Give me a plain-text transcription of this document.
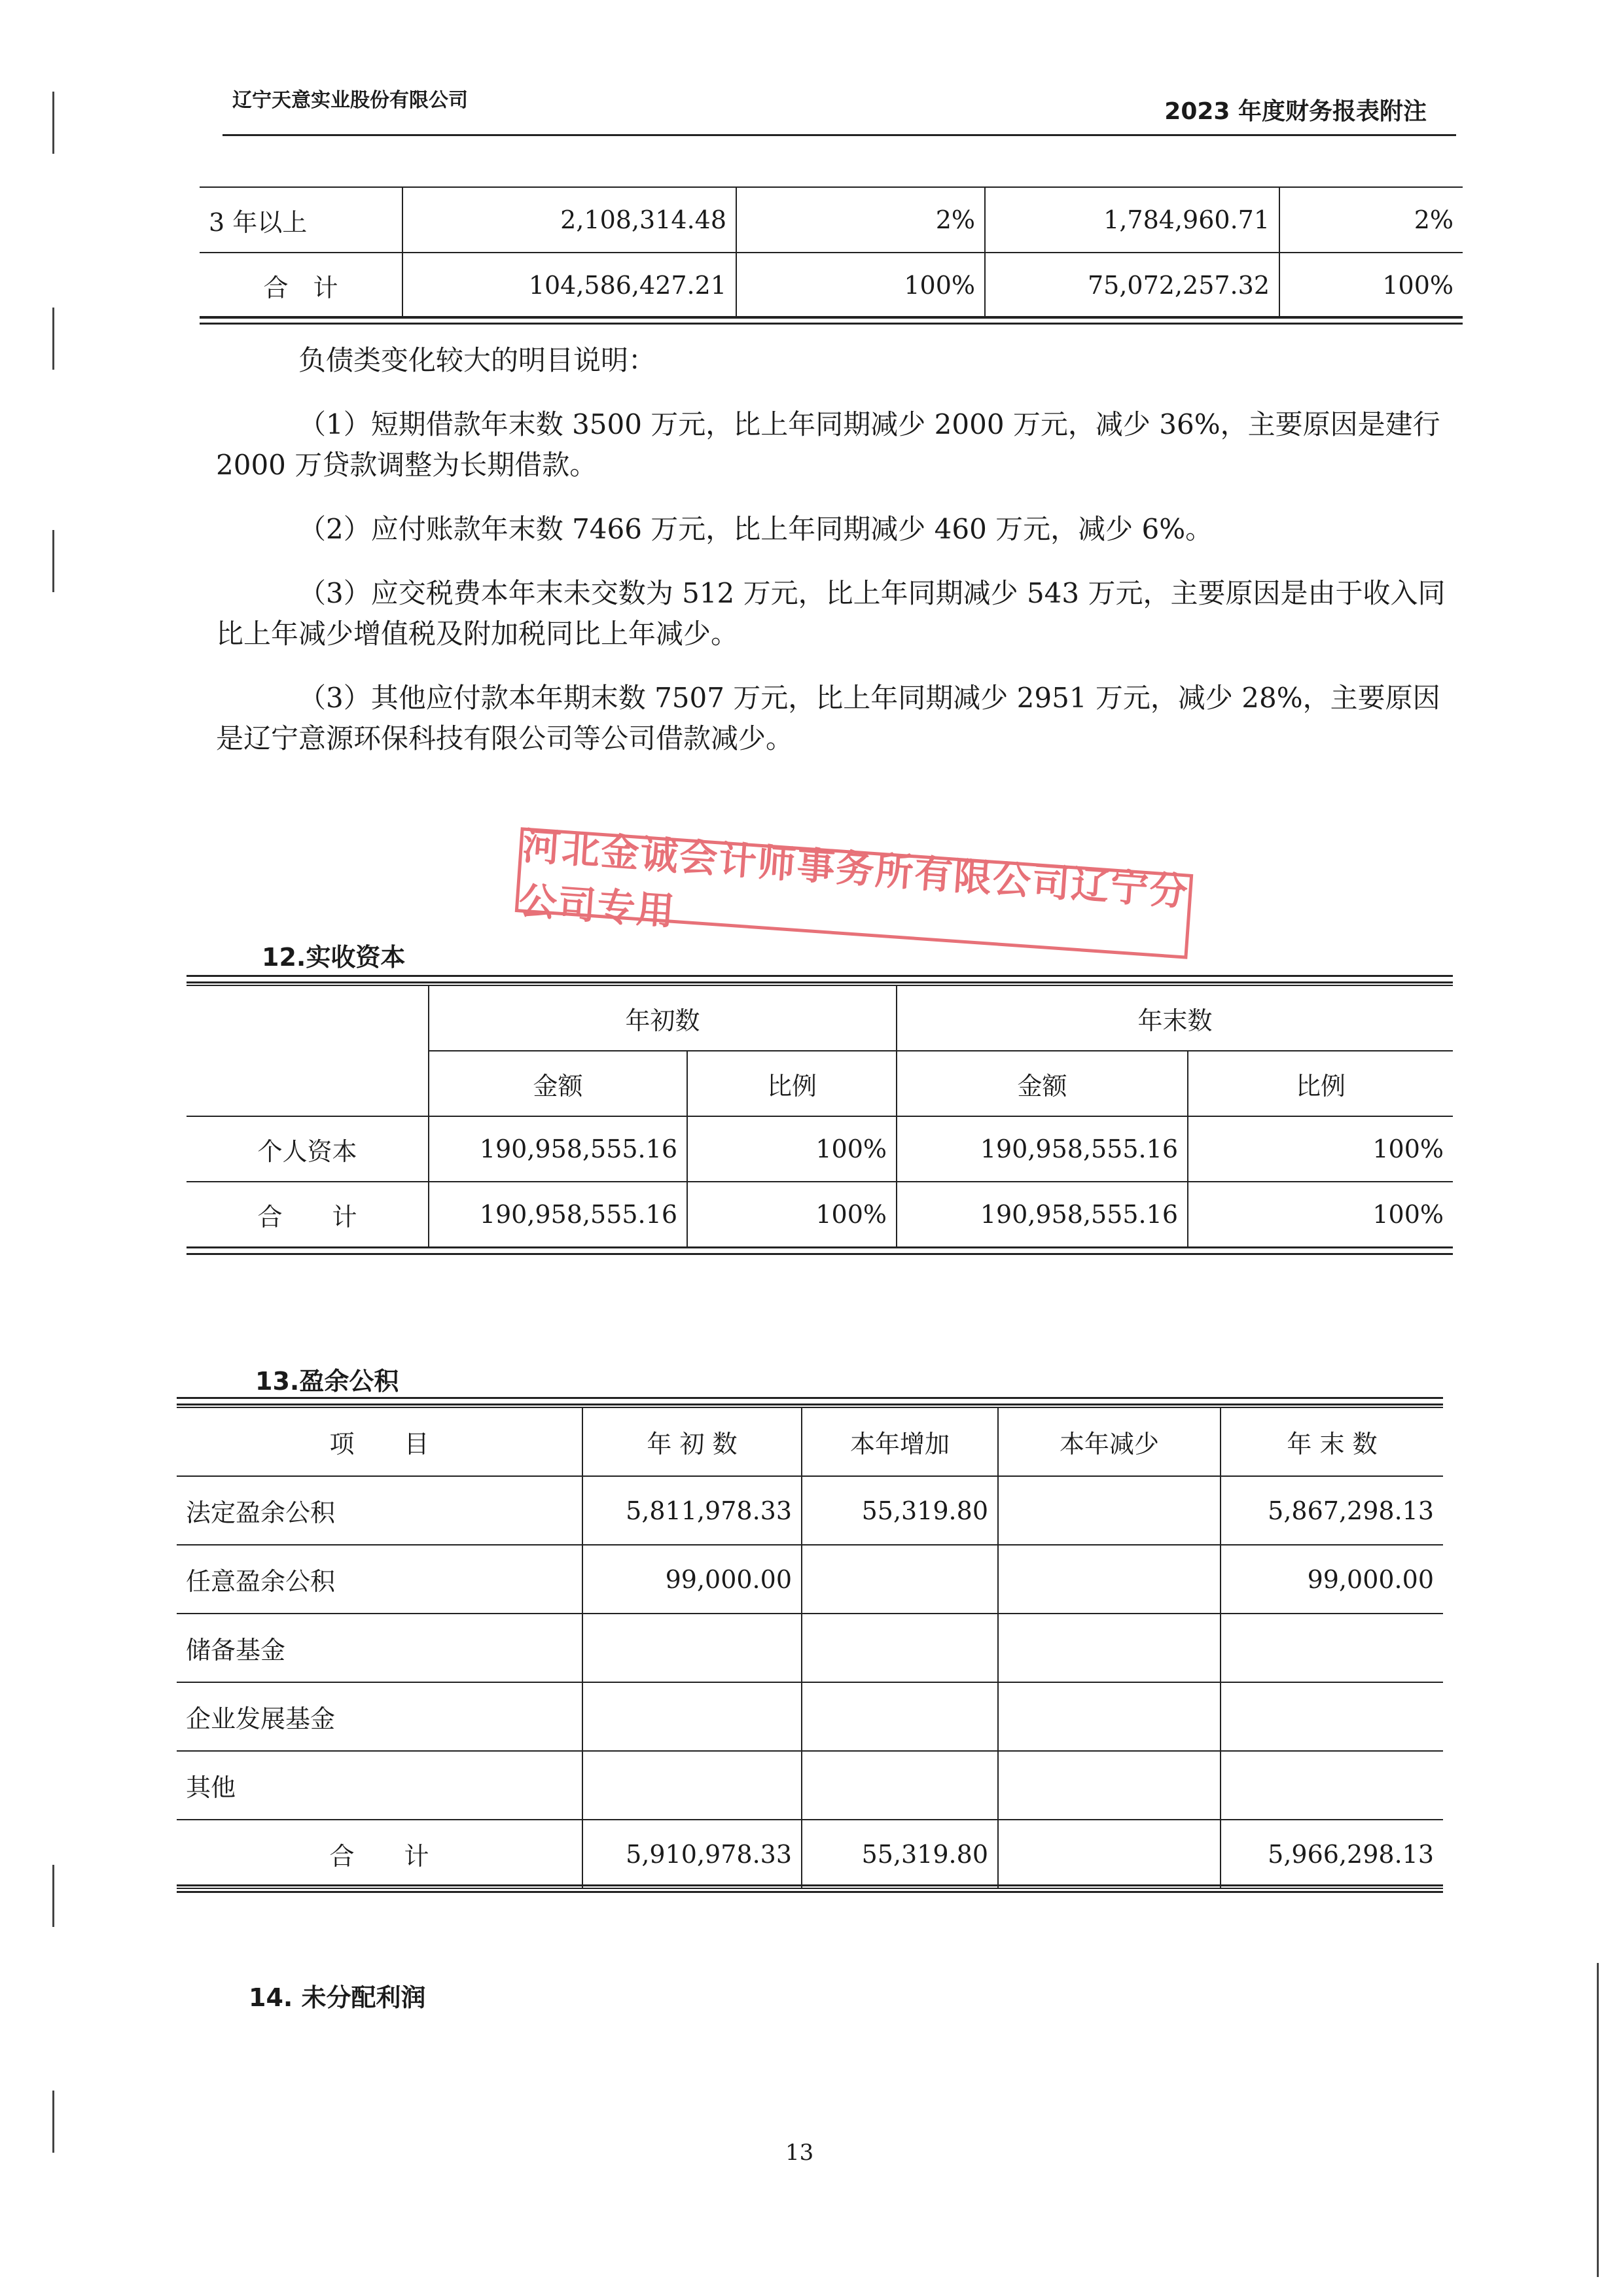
辽宁天意实业股份有限公司	2023 年度财务报表附注
3 年以上	2,108,314.48	2%	1,784,960.71	2%
合　计	104,586,427.21	100%	75,072,257.32	100%

负债类变化较大的明目说明：

（1）短期借款年末数 3500 万元，比上年同期减少 2000 万元，减少 36%，主要原因是建行 2000 万贷款调整为长期借款。

（2）应付账款年末数 7466 万元，比上年同期减少 460 万元，减少 6%。

（3）应交税费本年末未交数为 512 万元，比上年同期减少 543 万元，主要原因是由于收入同比上年减少增值税及附加税同比上年减少。

（3）其他应付款本年期末数 7507 万元，比上年同期减少 2951 万元，减少 28%，主要原因是辽宁意源环保科技有限公司等公司借款减少。

河北金诚会计师事务所有限公司辽宁分公司专用
12.实收资本
	年初数		年末数	
	金额	比例	金额	比例
个人资本	190,958,555.16	100%	190,958,555.16	100%
合　　计	190,958,555.16	100%	190,958,555.16	100%
13.盈余公积
项　　目	年 初 数	本年增加	本年减少	年 末 数
法定盈余公积	5,811,978.33	55,319.80		5,867,298.13
任意盈余公积	99,000.00			99,000.00
储备基金				
企业发展基金				
其他				
合　　计	5,910,978.33	55,319.80		5,966,298.13
14. 未分配利润
13
